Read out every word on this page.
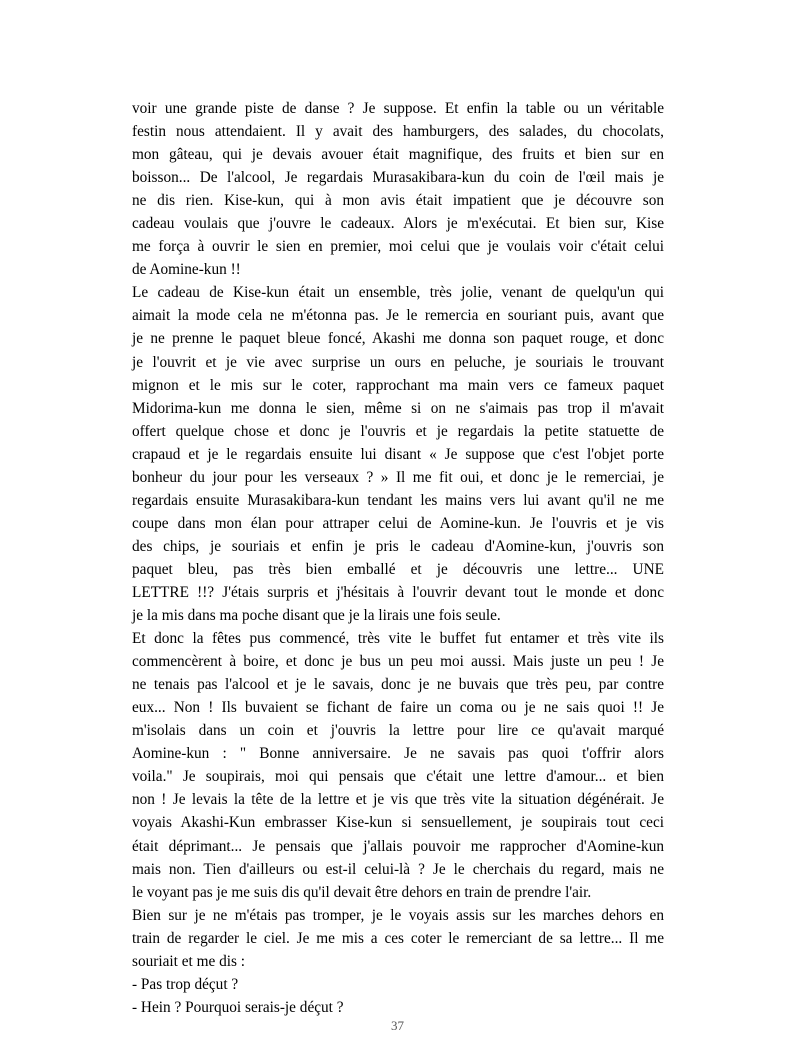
voir une grande piste de danse ? Je suppose. Et enfin la table ou un véritable
festin nous attendaient. Il y avait des hamburgers, des salades, du chocolats,
mon gâteau, qui je devais avouer était magnifique, des fruits et bien sur en
boisson... De l'alcool, Je regardais Murasakibara-kun du coin de l'œil mais je
ne dis rien. Kise-kun, qui à mon avis était impatient que je découvre son
cadeau voulais que j'ouvre le cadeaux. Alors je m'exécutai. Et bien sur, Kise
me força à ouvrir le sien en premier, moi celui que je voulais voir c'était celui
de Aomine-kun !!
Le cadeau de Kise-kun était un ensemble, très jolie, venant de quelqu'un qui
aimait la mode cela ne m'étonna pas. Je le remercia en souriant puis, avant que
je ne prenne le paquet bleue foncé, Akashi me donna son paquet rouge, et donc
je l'ouvrit et je vie avec surprise un ours en peluche, je souriais le trouvant
mignon et le mis sur le coter, rapprochant ma main vers ce fameux paquet
Midorima-kun me donna le sien, même si on ne s'aimais pas trop il m'avait
offert quelque chose et donc je l'ouvris et je regardais la petite statuette de
crapaud et je le regardais ensuite lui disant « Je suppose que c'est l'objet porte
bonheur du jour pour les verseaux ? » Il me fit oui, et donc je le remerciai, je
regardais ensuite Murasakibara-kun tendant les mains vers lui avant qu'il ne me
coupe dans mon élan pour attraper celui de Aomine-kun. Je l'ouvris et je vis
des chips, je souriais et enfin je pris le cadeau d'Aomine-kun, j'ouvris son
paquet bleu, pas très bien emballé et je découvris une lettre... UNE
LETTRE !!? J'étais surpris et j'hésitais à l'ouvrir devant tout le monde et donc
je la mis dans ma poche disant que je la lirais une fois seule.
Et donc la fêtes pus commencé, très vite le buffet fut entamer et très vite ils
commencèrent à boire, et donc je bus un peu moi aussi. Mais juste un peu ! Je
ne tenais pas l'alcool et je le savais, donc je ne buvais que très peu, par contre
eux... Non ! Ils buvaient se fichant de faire un coma ou je ne sais quoi !! Je
m'isolais dans un coin et j'ouvris la lettre pour lire ce qu'avait marqué
Aomine-kun : " Bonne anniversaire. Je ne savais pas quoi t'offrir alors
voila." Je soupirais, moi qui pensais que c'était une lettre d'amour... et bien
non ! Je levais la tête de la lettre et je vis que très vite la situation dégénérait. Je
voyais Akashi-Kun embrasser Kise-kun si sensuellement, je soupirais tout ceci
était déprimant... Je pensais que j'allais pouvoir me rapprocher d'Aomine-kun
mais non. Tien d'ailleurs ou est-il celui-là ? Je le cherchais du regard, mais ne
le voyant pas je me suis dis qu'il devait être dehors en train de prendre l'air.
Bien sur je ne m'étais pas tromper, je le voyais assis sur les marches dehors en
train de regarder le ciel. Je me mis a ces coter le remerciant de sa lettre... Il me
souriait et me dis :
- Pas trop déçut ?
- Hein ? Pourquoi serais-je déçut ?
37
